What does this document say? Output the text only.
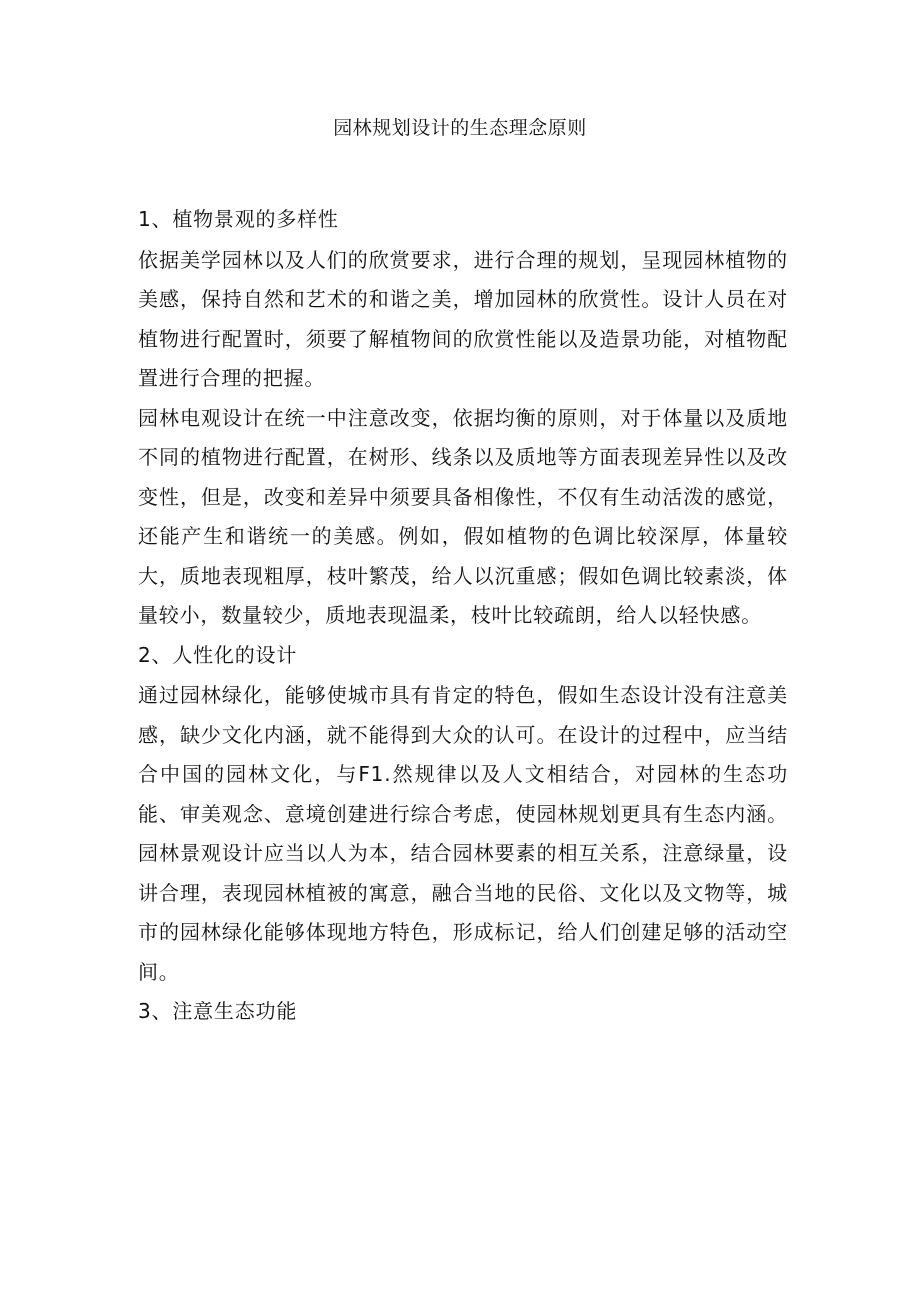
园林规划设计的生态理念原则

1、植物景观的多样性

依据美学园林以及人们的欣赏要求，进行合理的规划，呈现园林植物的美感，保持自然和艺术的和谐之美，增加园林的欣赏性。设计人员在对植物进行配置时，须要了解植物间的欣赏性能以及造景功能，对植物配置进行合理的把握。

园林电观设计在统一中注意改变，依据均衡的原则，对于体量以及质地不同的植物进行配置，在树形、线条以及质地等方面表现差异性以及改变性，但是，改变和差异中须要具备相像性，不仅有生动活泼的感觉，还能产生和谐统一的美感。例如，假如植物的色调比较深厚，体量较大，质地表现粗厚，枝叶繁茂，给人以沉重感；假如色调比较素淡，体量较小，数量较少，质地表现温柔，枝叶比较疏朗，给人以轻快感。

2、人性化的设计

通过园林绿化，能够使城市具有肯定的特色，假如生态设计没有注意美感，缺少文化内涵，就不能得到大众的认可。在设计的过程中，应当结合中国的园林文化，与F1.然规律以及人文相结合，对园林的生态功能、审美观念、意境创建进行综合考虑，使园林规划更具有生态内涵。园林景观设计应当以人为本，结合园林要素的相互关系，注意绿量，设讲合理，表现园林植被的寓意，融合当地的民俗、文化以及文物等，城市的园林绿化能够体现地方特色，形成标记，给人们创建足够的活动空间。

3、注意生态功能
